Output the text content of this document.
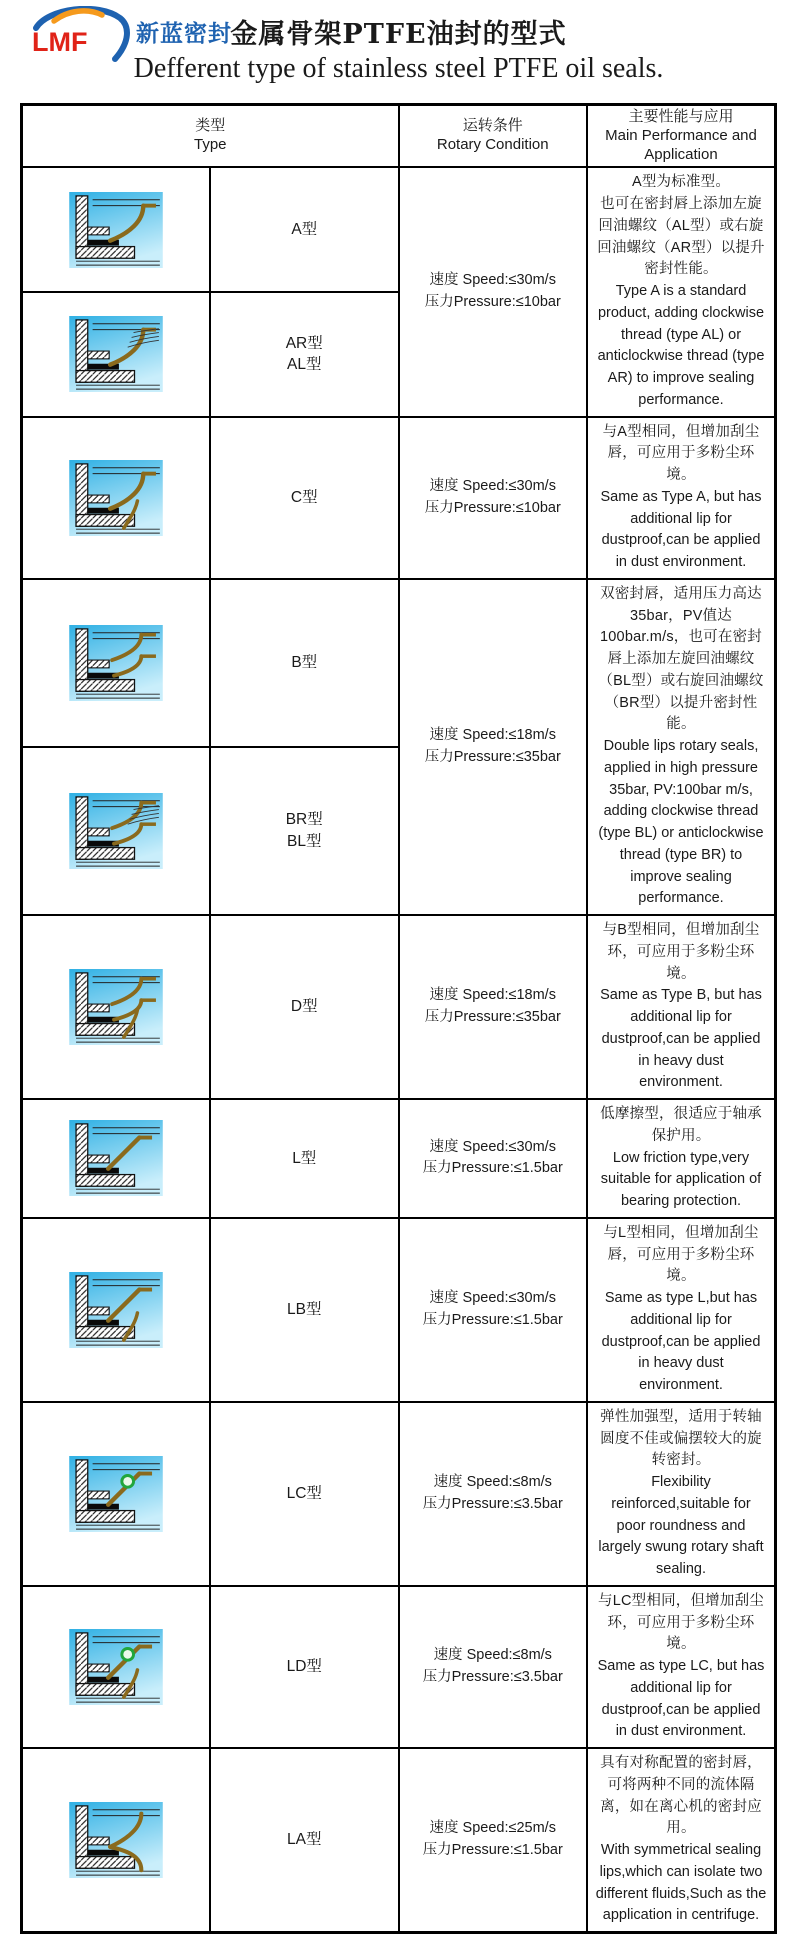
LMF 新蓝密封
金属骨架PTFE油封的型式
Defferent type of stainless steel PTFE oil seals.
类型
Type

运转条件
Rotary Condition

主要性能与应用
Main Performance and Application

A型

速度 Speed:≤30m/s
压力Pressure:≤10bar

A型为标准型。
也可在密封唇上添加左旋回油螺纹（AL型）或右旋回油螺纹（AR型）以提升密封性能。
Type A is a standard product, adding clockwise thread (type AL) or anticlockwise thread (type AR) to improve sealing performance.

AR型
AL型		

C型

速度 Speed:≤30m/s
压力Pressure:≤10bar

与A型相同，但增加刮尘唇，可应用于多粉尘环境。
Same as Type A, but has additional lip for dustproof,can be applied in dust environment.

B型

速度 Speed:≤18m/s
压力Pressure:≤35bar

双密封唇，适用压力高达35bar，PV值达100bar.m/s，也可在密封唇上添加左旋回油螺纹（BL型）或右旋回油螺纹（BR型）以提升密封性能。
Double lips rotary seals, applied in high pressure 35bar, PV:100bar m/s, adding clockwise thread (type BL) or anticlockwise thread (type BR) to improve sealing performance.

BR型
BL型		

D型

速度 Speed:≤18m/s
压力Pressure:≤35bar

与B型相同，但增加刮尘环，可应用于多粉尘环境。
Same as Type B, but has additional lip for dustproof,can be applied in heavy dust environment.

L型

速度 Speed:≤30m/s
压力Pressure:≤1.5bar

低摩擦型，很适应于轴承保护用。
Low friction type,very suitable for application of bearing protection.

LB型

速度 Speed:≤30m/s
压力Pressure:≤1.5bar

与L型相同，但增加刮尘唇，可应用于多粉尘环境。
Same as type L,but has additional lip for dustproof,can be applied in heavy dust environment.

LC型

速度 Speed:≤8m/s
压力Pressure:≤3.5bar

弹性加强型，适用于转轴圆度不佳或偏摆较大的旋转密封。
Flexibility reinforced,suitable for poor roundness and largely swung rotary shaft sealing.

LD型

速度 Speed:≤8m/s
压力Pressure:≤3.5bar

与LC型相同，但增加刮尘环，可应用于多粉尘环境。
Same as type LC, but has additional lip for dustproof,can be applied in dust environment.

LA型

速度 Speed:≤25m/s
压力Pressure:≤1.5bar

具有对称配置的密封唇，可将两种不同的流体隔离，如在离心机的密封应用。
With symmetrical sealing lips,which can isolate two different fluids,Such as the application in centrifuge.
